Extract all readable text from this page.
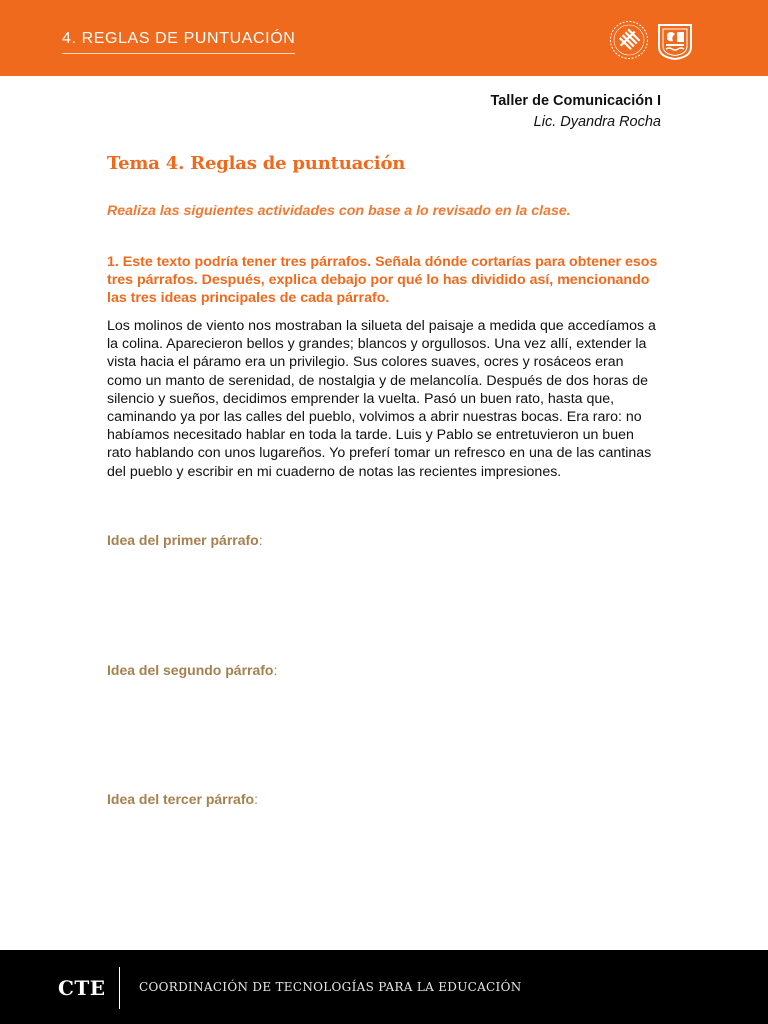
4. REGLAS DE PUNTUACIÓN
Taller de Comunicación I
Lic. Dyandra Rocha
Tema 4. Reglas de puntuación
Realiza las siguientes actividades con base a lo revisado en la clase.
1. Este texto podría tener tres párrafos. Señala dónde cortarías para obtener esos tres párrafos. Después, explica debajo por qué lo has dividido así, mencionando las tres ideas principales de cada párrafo.
Los molinos de viento nos mostraban la silueta del paisaje a medida que accedíamos a la colina. Aparecieron bellos y grandes; blancos y orgullosos. Una vez allí, extender la vista hacia el páramo era un privilegio. Sus colores suaves, ocres y rosáceos eran como un manto de serenidad, de nostalgia y de melancolía. Después de dos horas de silencio y sueños, decidimos emprender la vuelta. Pasó un buen rato, hasta que, caminando ya por las calles del pueblo, volvimos a abrir nuestras bocas. Era raro: no habíamos necesitado hablar en toda la tarde. Luis y Pablo se entretuvieron un buen rato hablando con unos lugareños. Yo preferí tomar un refresco en una de las cantinas del pueblo y escribir en mi cuaderno de notas las recientes impresiones.
Idea del primer párrafo:
Idea del segundo párrafo:
Idea del tercer párrafo:
CTE	COORDINACIÓN DE TECNOLOGÍAS PARA LA EDUCACIÓN
